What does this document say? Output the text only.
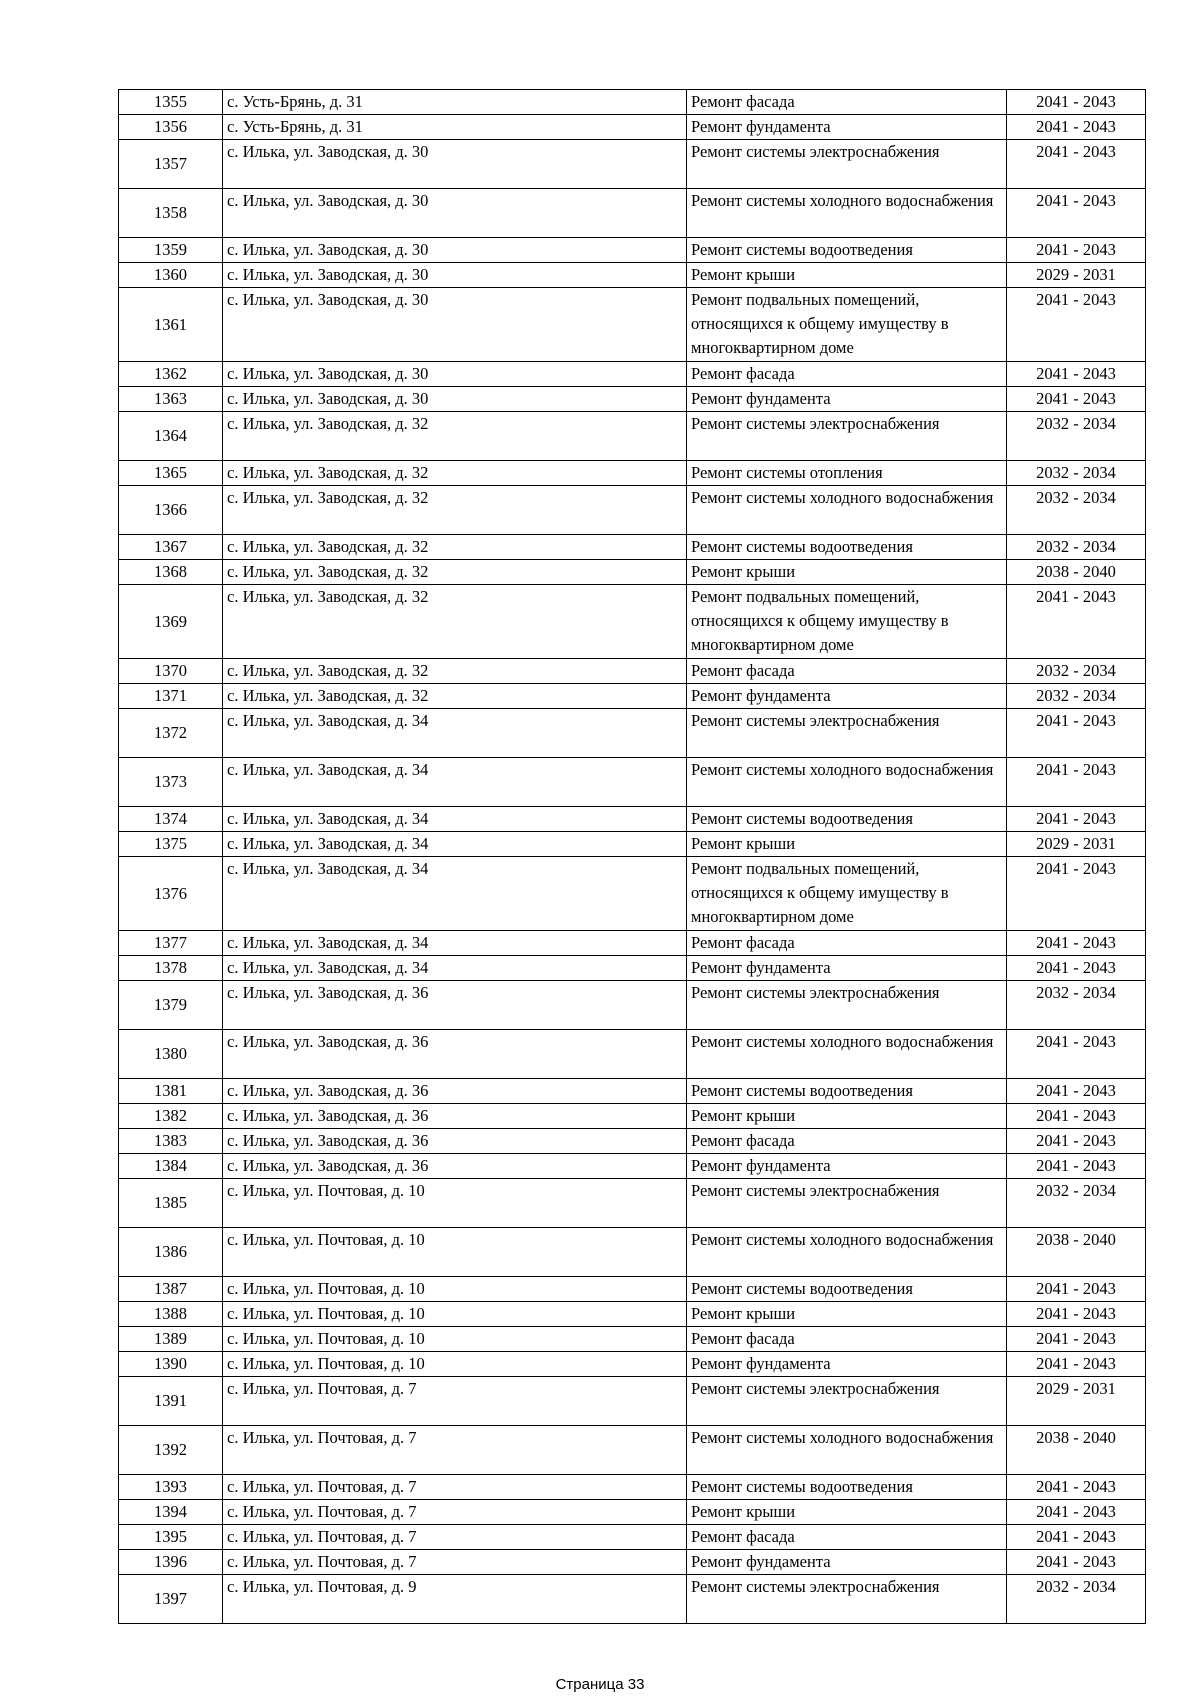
1355	с. Усть-Брянь, д. 31	Ремонт фасада	2041 - 2043
1356	с. Усть-Брянь, д. 31	Ремонт фундамента	2041 - 2043
1357	с. Илька, ул. Заводская, д. 30	Ремонт системы электроснабжения	2041 - 2043
1358	с. Илька, ул. Заводская, д. 30	Ремонт системы холодного водоснабжения	2041 - 2043
1359	с. Илька, ул. Заводская, д. 30	Ремонт системы водоотведения	2041 - 2043
1360	с. Илька, ул. Заводская, д. 30	Ремонт крыши	2029 - 2031
1361	с. Илька, ул. Заводская, д. 30	Ремонт подвальных помещений, относящихся к общему имуществу в многоквартирном доме	2041 - 2043
1362	с. Илька, ул. Заводская, д. 30	Ремонт фасада	2041 - 2043
1363	с. Илька, ул. Заводская, д. 30	Ремонт фундамента	2041 - 2043
1364	с. Илька, ул. Заводская, д. 32	Ремонт системы электроснабжения	2032 - 2034
1365	с. Илька, ул. Заводская, д. 32	Ремонт системы отопления	2032 - 2034
1366	с. Илька, ул. Заводская, д. 32	Ремонт системы холодного водоснабжения	2032 - 2034
1367	с. Илька, ул. Заводская, д. 32	Ремонт системы водоотведения	2032 - 2034
1368	с. Илька, ул. Заводская, д. 32	Ремонт крыши	2038 - 2040
1369	с. Илька, ул. Заводская, д. 32	Ремонт подвальных помещений, относящихся к общему имуществу в многоквартирном доме	2041 - 2043
1370	с. Илька, ул. Заводская, д. 32	Ремонт фасада	2032 - 2034
1371	с. Илька, ул. Заводская, д. 32	Ремонт фундамента	2032 - 2034
1372	с. Илька, ул. Заводская, д. 34	Ремонт системы электроснабжения	2041 - 2043
1373	с. Илька, ул. Заводская, д. 34	Ремонт системы холодного водоснабжения	2041 - 2043
1374	с. Илька, ул. Заводская, д. 34	Ремонт системы водоотведения	2041 - 2043
1375	с. Илька, ул. Заводская, д. 34	Ремонт крыши	2029 - 2031
1376	с. Илька, ул. Заводская, д. 34	Ремонт подвальных помещений, относящихся к общему имуществу в многоквартирном доме	2041 - 2043
1377	с. Илька, ул. Заводская, д. 34	Ремонт фасада	2041 - 2043
1378	с. Илька, ул. Заводская, д. 34	Ремонт фундамента	2041 - 2043
1379	с. Илька, ул. Заводская, д. 36	Ремонт системы электроснабжения	2032 - 2034
1380	с. Илька, ул. Заводская, д. 36	Ремонт системы холодного водоснабжения	2041 - 2043
1381	с. Илька, ул. Заводская, д. 36	Ремонт системы водоотведения	2041 - 2043
1382	с. Илька, ул. Заводская, д. 36	Ремонт крыши	2041 - 2043
1383	с. Илька, ул. Заводская, д. 36	Ремонт фасада	2041 - 2043
1384	с. Илька, ул. Заводская, д. 36	Ремонт фундамента	2041 - 2043
1385	с. Илька, ул. Почтовая, д. 10	Ремонт системы электроснабжения	2032 - 2034
1386	с. Илька, ул. Почтовая, д. 10	Ремонт системы холодного водоснабжения	2038 - 2040
1387	с. Илька, ул. Почтовая, д. 10	Ремонт системы водоотведения	2041 - 2043
1388	с. Илька, ул. Почтовая, д. 10	Ремонт крыши	2041 - 2043
1389	с. Илька, ул. Почтовая, д. 10	Ремонт фасада	2041 - 2043
1390	с. Илька, ул. Почтовая, д. 10	Ремонт фундамента	2041 - 2043
1391	с. Илька, ул. Почтовая, д. 7	Ремонт системы электроснабжения	2029 - 2031
1392	с. Илька, ул. Почтовая, д. 7	Ремонт системы холодного водоснабжения	2038 - 2040
1393	с. Илька, ул. Почтовая, д. 7	Ремонт системы водоотведения	2041 - 2043
1394	с. Илька, ул. Почтовая, д. 7	Ремонт крыши	2041 - 2043
1395	с. Илька, ул. Почтовая, д. 7	Ремонт фасада	2041 - 2043
1396	с. Илька, ул. Почтовая, д. 7	Ремонт фундамента	2041 - 2043
1397	с. Илька, ул. Почтовая, д. 9	Ремонт системы электроснабжения	2032 - 2034
Страница 33
